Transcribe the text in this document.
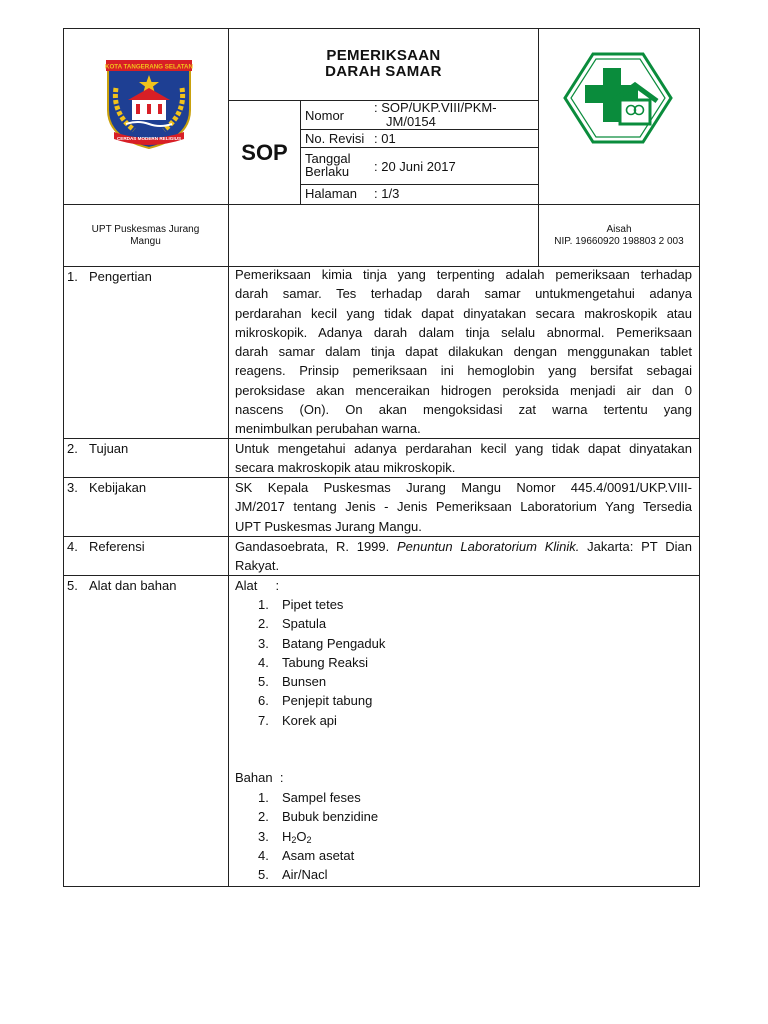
KOTA TANGERANG SELATAN
CERDAS MODERN RELIGIUS
PEMERIKSAAN
DARAH SAMAR
SOP
Nomor
: SOP/UKP.VIII/PKM-
JM/0154
No. Revisi : 01
Tanggal
Berlaku : 20 Juni 2017
Halaman : 1/3
UPT Puskesmas Jurang
Mangu
Aisah
NIP. 19660920 198803 2 003
1. Pengertian	Pemeriksaan kimia tinja yang terpenting adalah pemeriksaan terhadap
darah samar. Tes terhadap darah samar untukmengetahui adanya
perdarahan kecil yang tidak dapat dinyatakan secara makroskopik atau
mikroskopik. Adanya darah dalam tinja selalu abnormal. Pemeriksaan
darah samar dalam tinja dapat dilakukan dengan menggunakan tablet
reagens. Prinsip pemeriksaan ini hemoglobin yang bersifat sebagai
peroksidase akan menceraikan hidrogen peroksida menjadi air dan 0
nascens (On). On akan mengoksidasi zat warna tertentu yang
menimbulkan perubahan warna.
2. Tujuan	Untuk mengetahui adanya perdarahan kecil yang tidak dapat dinyatakan
secara makroskopik atau mikroskopik.
3. Kebijakan	SK Kepala Puskesmas Jurang Mangu Nomor 445.4/0091/UKP.VIII-
JM/2017 tentang Jenis - Jenis Pemeriksaan Laboratorium Yang Tersedia
UPT Puskesmas Jurang Mangu.
4. Referensi	Gandasoebrata, R. 1999. Penuntun Laboratorium Klinik. Jakarta: PT Dian
Rakyat.
5. Alat dan bahan	Alat     :
1. Pipet tetes
2. Spatula
3. Batang Pengaduk
4. Tabung Reaksi
5. Bunsen
6. Penjepit tabung
7. Korek api
Bahan  :
1. Sampel feses
2. Bubuk benzidine
3. $H_2O_2$
4. Asam asetat
5. Air/Nacl
